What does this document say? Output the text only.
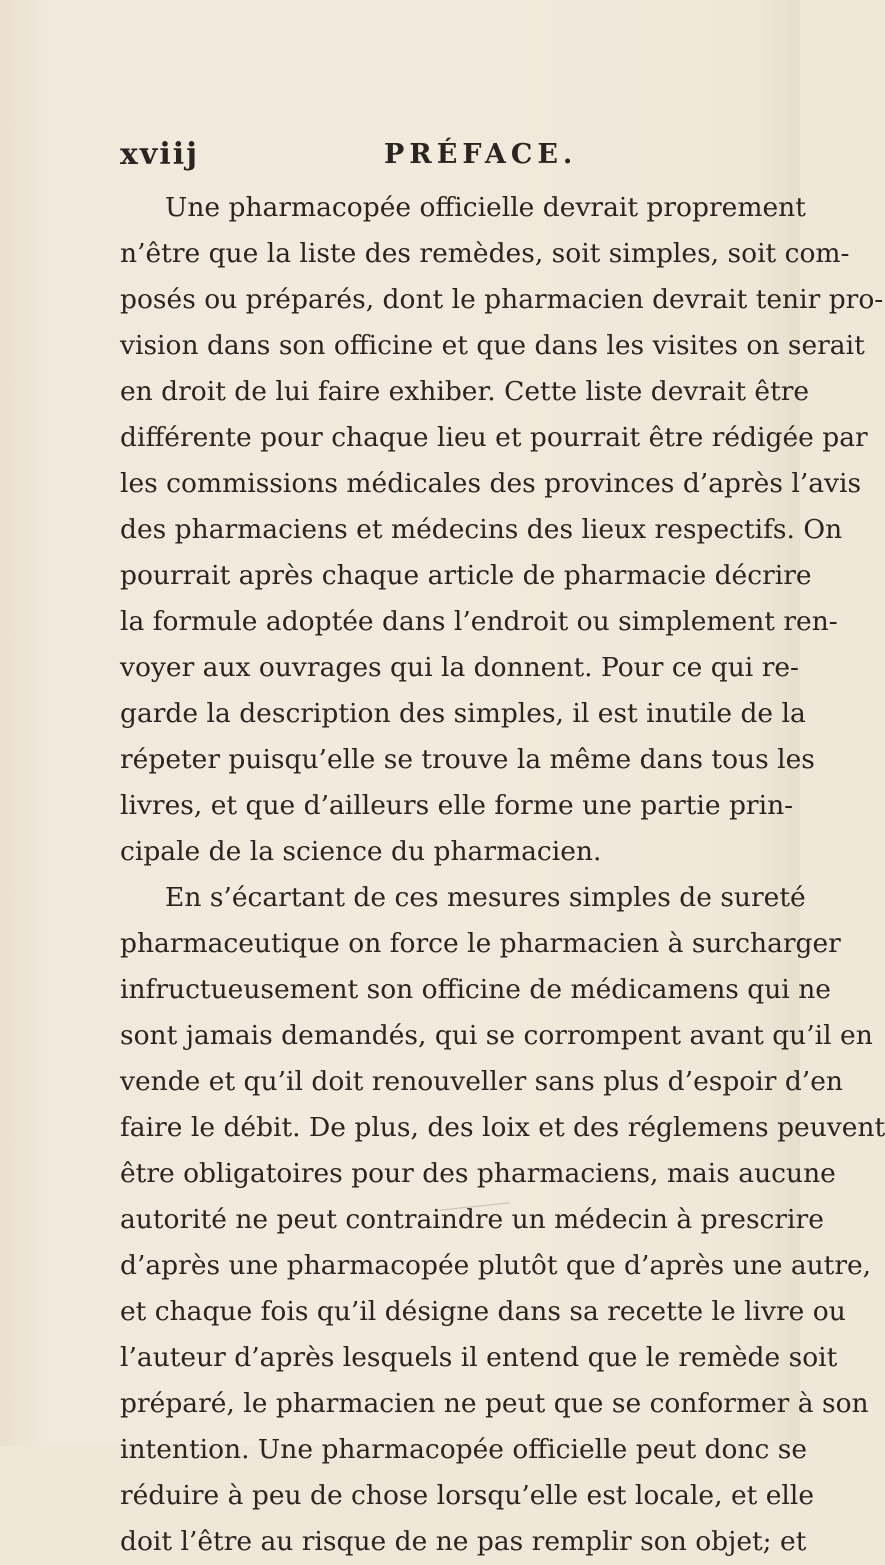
xviij	PRÉFACE.
Une pharmacopée officielle devrait proprement
n’être que la liste des remèdes, soit simples, soit com-
posés ou préparés, dont le pharmacien devrait tenir pro-
vision dans son officine et que dans les visites on serait
en droit de lui faire exhiber. Cette liste devrait être
différente pour chaque lieu et pourrait être rédigée par
les commissions médicales des provinces d’après l’avis
des pharmaciens et médecins des lieux respectifs. On
pourrait après chaque article de pharmacie décrire
la formule adoptée dans l’endroit ou simplement ren-
voyer aux ouvrages qui la donnent. Pour ce qui re-
garde la description des simples, il est inutile de la
répeter puisqu’elle se trouve la même dans tous les
livres, et que d’ailleurs elle forme une partie prin-
cipale de la science du pharmacien.
En s’écartant de ces mesures simples de sureté
pharmaceutique on force le pharmacien à surcharger
infructueusement son officine de médicamens qui ne
sont jamais demandés, qui se corrompent avant qu’il en
vende et qu’il doit renouveller sans plus d’espoir d’en
faire le débit. De plus, des loix et des réglemens peuvent
être obligatoires pour des pharmaciens, mais aucune
autorité ne peut contraindre un médecin à prescrire
d’après une pharmacopée plutôt que d’après une autre,
et chaque fois qu’il désigne dans sa recette le livre ou
l’auteur d’après lesquels il entend que le remède soit
préparé, le pharmacien ne peut que se conformer à son
intention. Une pharmacopée officielle peut donc se
réduire à peu de chose lorsqu’elle est locale, et elle
doit l’être au risque de ne pas remplir son objet; et
